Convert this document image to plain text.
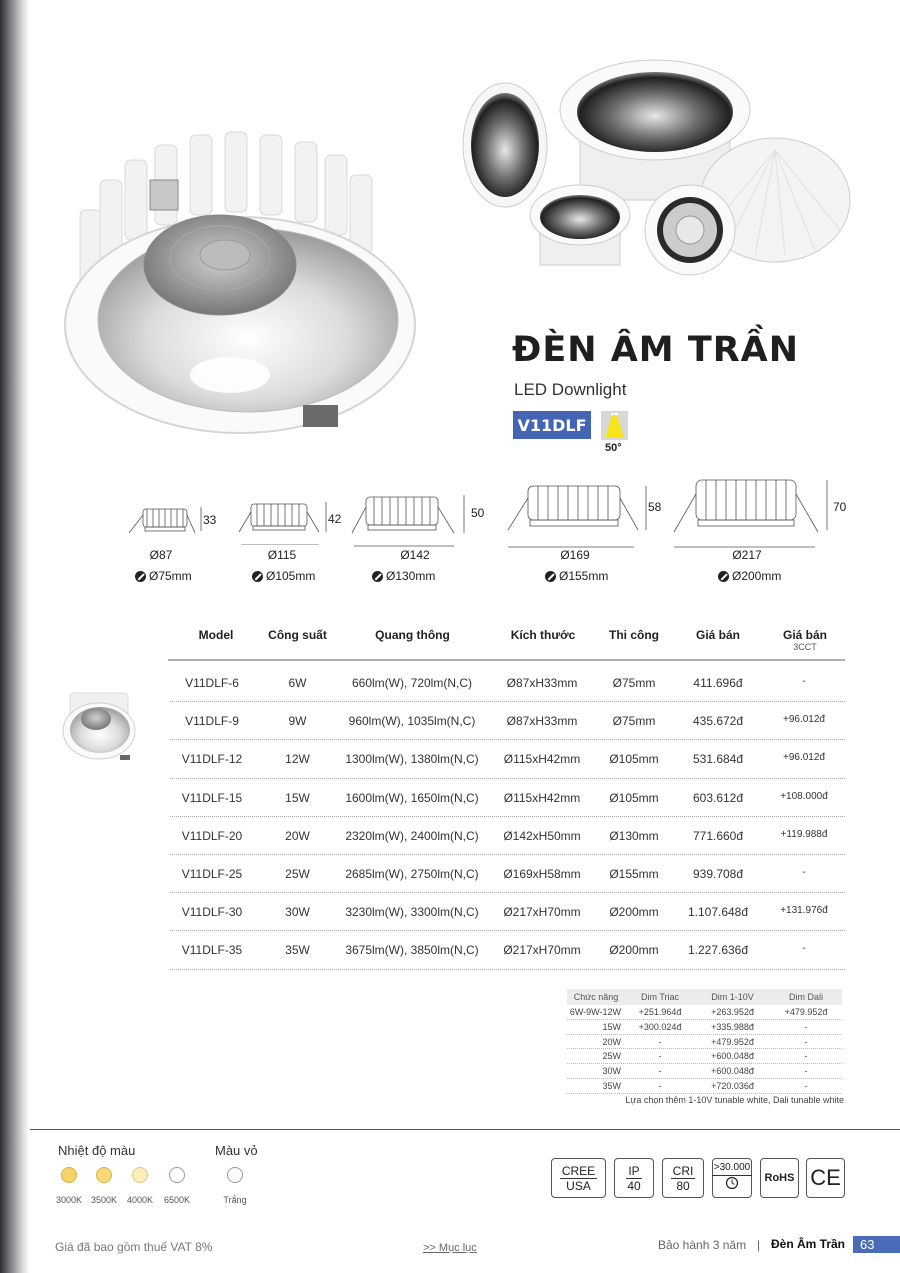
ĐÈN ÂM TRẦN
LED Downlight
V11DLF
50°
33
Ø87
Ø75mm
42
Ø115
Ø105mm
50
Ø142
Ø130mm
58
Ø169
Ø155mm
70
Ø217
Ø200mm
Model	Công suất	Quang thông	Kích thước	Thi công	Giá bán	Giá bán
3CCT
V11DLF-6	6W	660lm(W), 720lm(N,C)	Ø87xH33mm	Ø75mm	411.696đ	-
V11DLF-9	9W	960lm(W), 1035lm(N,C)	Ø87xH33mm	Ø75mm	435.672đ	+96.012đ
V11DLF-12	12W	1300lm(W), 1380lm(N,C)	Ø115xH42mm	Ø105mm	531.684đ	+96.012đ
V11DLF-15	15W	1600lm(W), 1650lm(N,C)	Ø115xH42mm	Ø105mm	603.612đ	+108.000đ
V11DLF-20	20W	2320lm(W), 2400lm(N,C)	Ø142xH50mm	Ø130mm	771.660đ	+119.988đ
V11DLF-25	25W	2685lm(W), 2750lm(N,C)	Ø169xH58mm	Ø155mm	939.708đ	-
V11DLF-30	30W	3230lm(W), 3300lm(N,C)	Ø217xH70mm	Ø200mm	1.107.648đ	+131.976đ
V11DLF-35	35W	3675lm(W), 3850lm(N,C)	Ø217xH70mm	Ø200mm	1.227.636đ	-
Chức năng	Dim Triac	Dim 1-10V	Dim Dali
6W-9W-12W	+251.964đ	+263.952đ	+479.952đ
15W	+300.024đ	+335.988đ	-
20W	-	+479.952đ	-
25W	-	+600.048đ	-
30W	-	+600.048đ	-
35W	-	+720.036đ	-
Lựa chọn thêm 1-10V tunable white, Dali tunable white
Nhiệt độ màu
3000K 3500K	4000K	6500K
Màu vỏ
Trắng
CREE
USA
IP
40
CRI
80
>30.000
RoHS CE
Giá đã bao gồm thuế VAT 8%	>> Mục lục	Bảo hành 3 năm | Đèn Âm Trần	63
